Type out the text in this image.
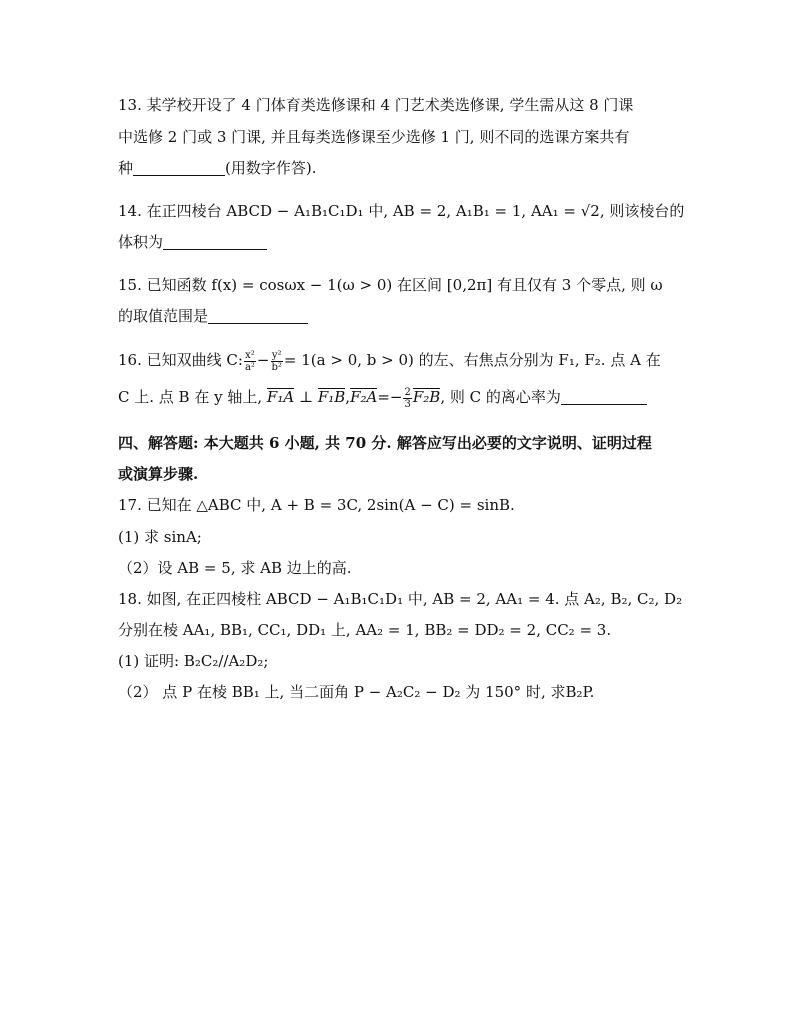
13. 某学校开设了 4 门体育类选修课和 4 门艺术类选修课, 学生需从这 8 门课
中选修 2 门或 3 门课, 并且每类选修课至少选修 1 门, 则不同的选课方案共有
种	(用数字作答).
14. 在正四棱台 ABCD − A₁B₁C₁D₁ 中, AB = 2, A₁B₁ = 1, AA₁ = √2, 则该棱台的
体积为
15. 已知函数 f(x) = cosωx − 1(ω > 0) 在区间 [0,2π] 有且仅有 3 个零点, 则 ω
的取值范围是
16. 已知双曲线 C: $\frac{\text{x²}}{\text{a²}} - \frac{\text{y²}}{\text{b²}} = 1(a > 0$, b > 0) 的左、右焦点分别为 F₁, F₂. 点 A 在
C 上. 点 B 在 y 轴上, F₁A ⊥ $F_1B,F_2A=- \frac{2}{3} F_2B$, 则 C 的离心率为
四、解答题: 本大题共 6 小题, 共 70 分. 解答应写出必要的文字说明、证明过程
或演算步骤.
17. 已知在 △ABC 中, A + B = 3C, 2sin(A − C) = sinB.
(1) 求 sinA;
（2）设 AB = 5, 求 AB 边上的高.
18. 如图, 在正四棱柱 ABCD − A₁B₁C₁D₁ 中, AB = 2, AA₁ = 4. 点 A₂, B₂, C₂, D₂
分别在棱 AA₁, BB₁, CC₁, DD₁ 上, AA₂ = 1, BB₂ = DD₂ = 2, CC₂ = 3.
(1) 证明: B₂C₂//A₂D₂;
（2） 点 P 在棱 BB₁ 上, 当二面角 P − A₂C₂ − D₂ 为 150° 时, 求B₂P.
